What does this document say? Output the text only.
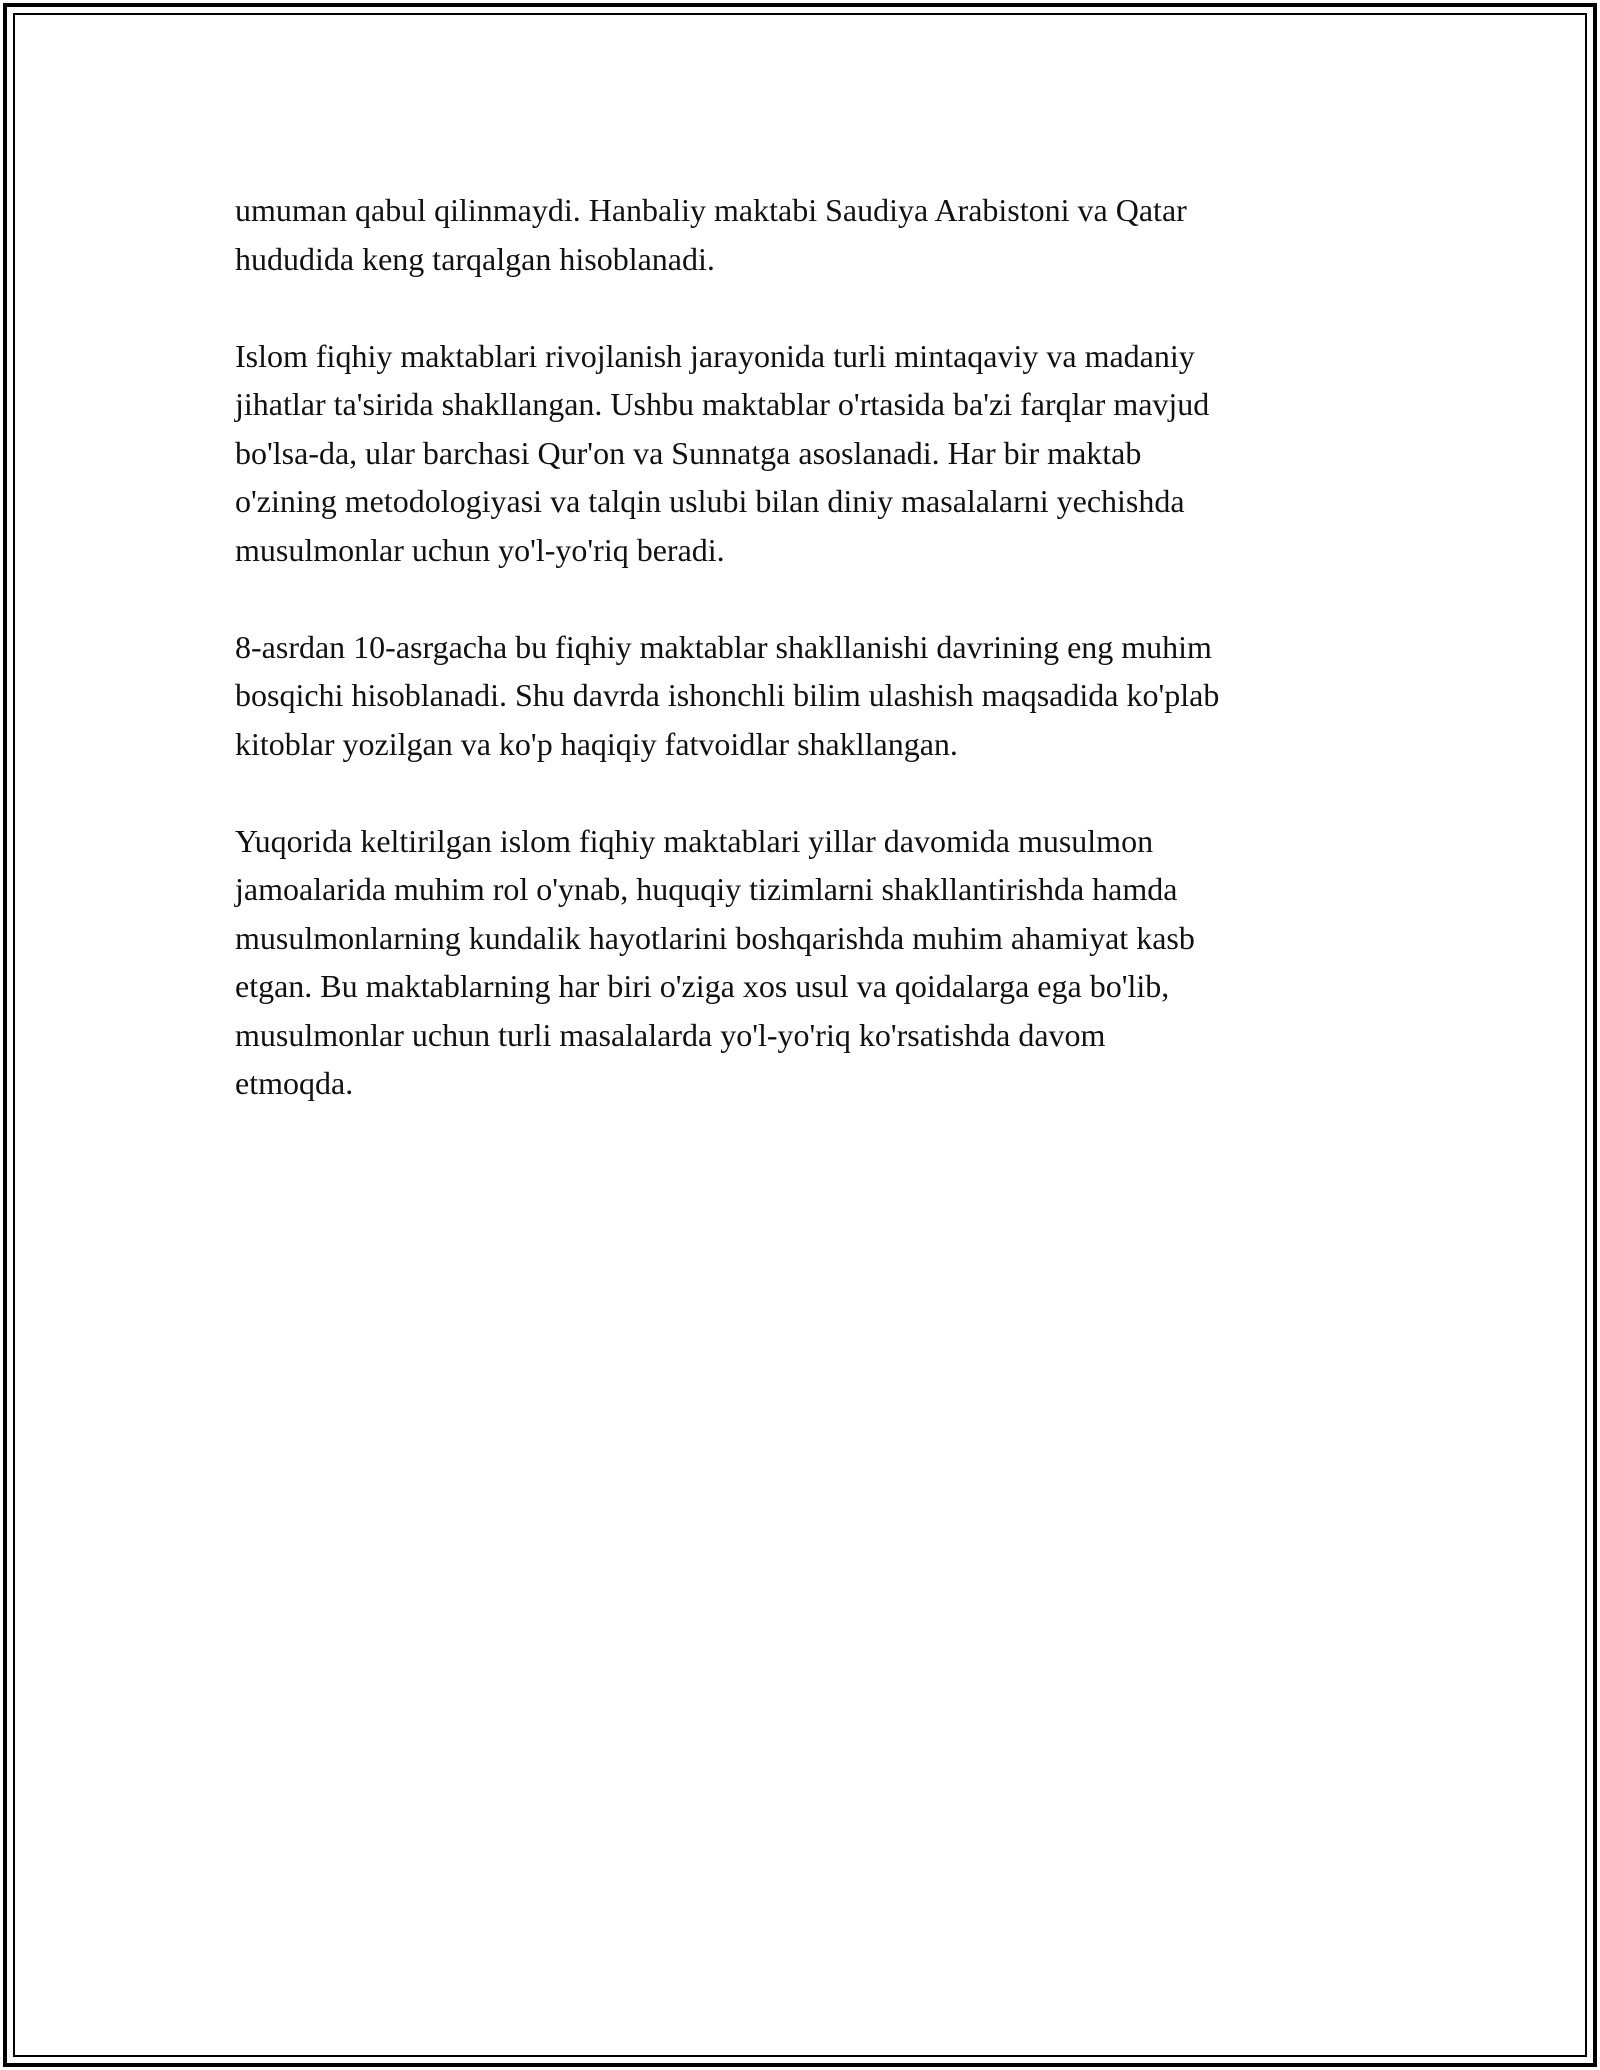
umuman qabul qilinmaydi. Hanbaliy maktabi Saudiya Arabistoni va Qatar
hududida keng tarqalgan hisoblanadi.

Islom fiqhiy maktablari rivojlanish jarayonida turli mintaqaviy va madaniy
jihatlar ta'sirida shakllangan. Ushbu maktablar o'rtasida ba'zi farqlar mavjud
bo'lsa-da, ular barchasi Qur'on va Sunnatga asoslanadi. Har bir maktab
o'zining metodologiyasi va talqin uslubi bilan diniy masalalarni yechishda
musulmonlar uchun yo'l-yo'riq beradi.

8-asrdan 10-asrgacha bu fiqhiy maktablar shakllanishi davrining eng muhim
bosqichi hisoblanadi. Shu davrda ishonchli bilim ulashish maqsadida ko'plab
kitoblar yozilgan va ko'p haqiqiy fatvoidlar shakllangan.

Yuqorida keltirilgan islom fiqhiy maktablari yillar davomida musulmon
jamoalarida muhim rol o'ynab, huquqiy tizimlarni shakllantirishda hamda
musulmonlarning kundalik hayotlarini boshqarishda muhim ahamiyat kasb
etgan. Bu maktablarning har biri o'ziga xos usul va qoidalarga ega bo'lib,
musulmonlar uchun turli masalalarda yo'l-yo'riq ko'rsatishda davom
etmoqda.
